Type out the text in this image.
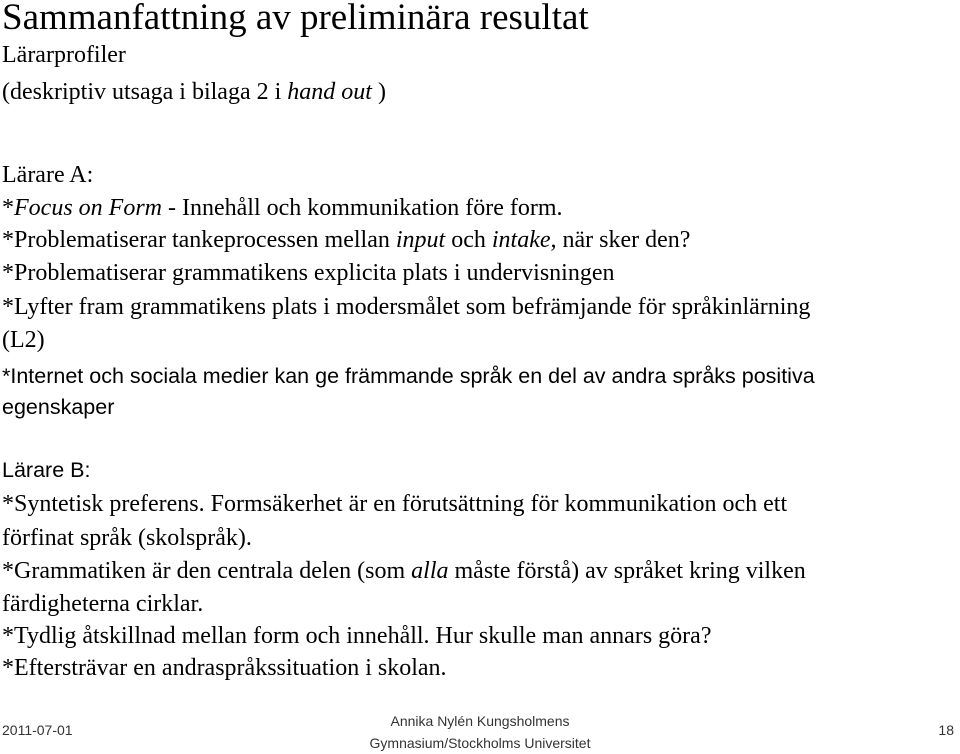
Sammanfattning av preliminära resultat
Lärarprofiler
(deskriptiv utsaga i bilaga 2 i hand out )
Lärare A:
*Focus on Form - Innehåll och kommunikation före form.
*Problematiserar tankeprocessen mellan input och intake, när sker den?
*Problematiserar grammatikens explicita plats i undervisningen
*Lyfter fram grammatikens plats i modersmålet som befrämjande för språkinlärning
(L2)
*Internet och sociala medier kan ge främmande språk en del av andra språks positiva
egenskaper
Lärare B:
*Syntetisk preferens. Formsäkerhet är en förutsättning för kommunikation och ett
förfinat språk (skolspråk).
*Grammatiken är den centrala delen (som alla måste förstå) av språket kring vilken
färdigheterna cirklar.
*Tydlig åtskillnad mellan form och innehåll. Hur skulle man annars göra?
*Eftersträvar en andraspråkssituation i skolan.
2011-07-01
Annika Nylén Kungsholmens
Gymnasium/Stockholms Universitet
18
